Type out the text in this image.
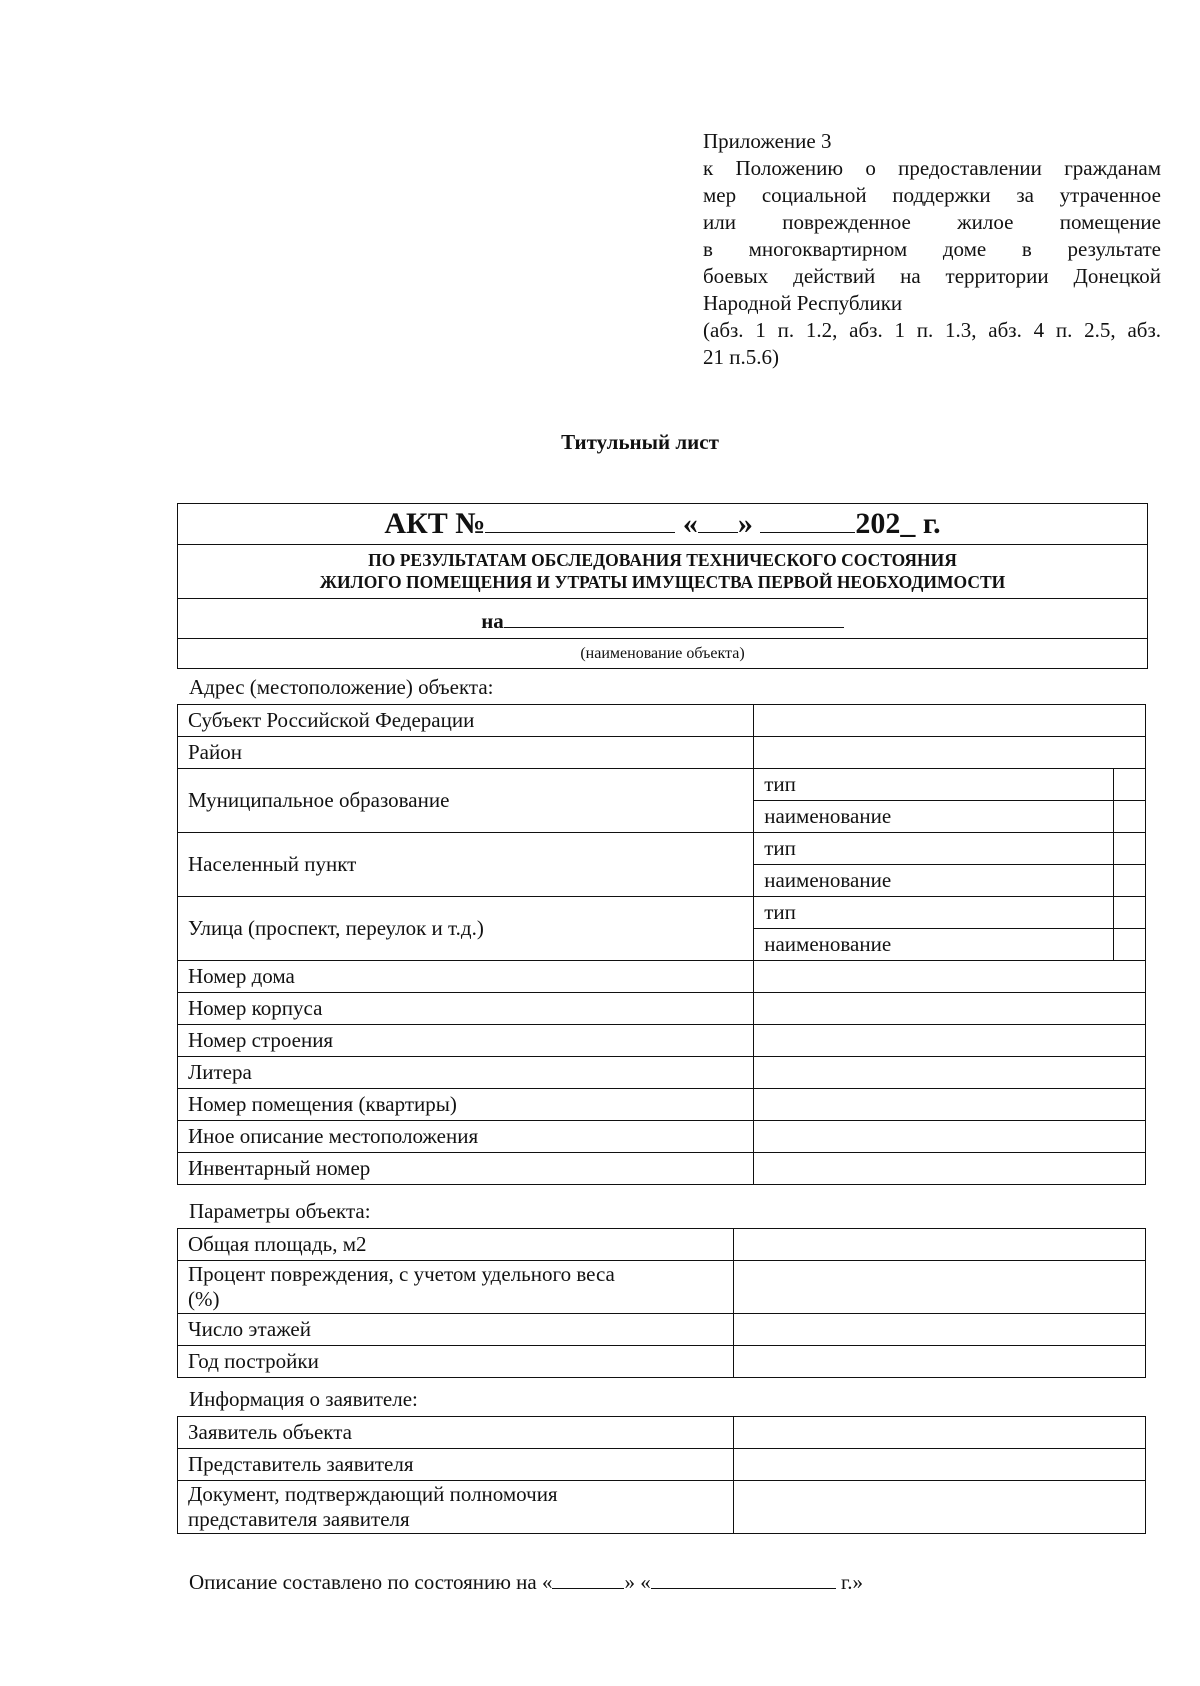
Приложение 3
к Положению о предоставлении гражданам
мер социальной поддержки за утраченное
или поврежденное жилое помещение
в многоквартирном доме в результате
боевых действий на территории Донецкой
Народной Республики
(абз. 1 п. 1.2, абз. 1 п. 1.3, абз. 4 п. 2.5, абз.
21 п.5.6)
Титульный лист
АКТ №	« »	202_ г.
ПО РЕЗУЛЬТАТАМ ОБСЛЕДОВАНИЯ ТЕХНИЧЕСКОГО СОСТОЯНИЯ
ЖИЛОГО ПОМЕЩЕНИЯ И УТРАТЫ ИМУЩЕСТВА ПЕРВОЙ НЕОБХОДИМОСТИ
на
(наименование объекта)
Адрес (местоположение) объекта:
Субъект Российской Федерации		
Район		
Муниципальное образование	тип	
	наименование	
Населенный пункт	тип	
	наименование	
Улица (проспект, переулок и т.д.)	тип	
	наименование	
Номер дома		
Номер корпуса		
Номер строения		
Литера		
Номер помещения (квартиры)		
Иное описание местоположения		
Инвентарный номер		
Параметры объекта:
Общая площадь, м2	

Процент повреждения, с учетом удельного веса
(%)	

Число этажей	
Год постройки	
Информация о заявителе:
Заявитель объекта	
Представитель заявителя	

Документ, подтверждающий полномочия
представителя заявителя	

Описание составлено по состоянию на «	» «	г.»
